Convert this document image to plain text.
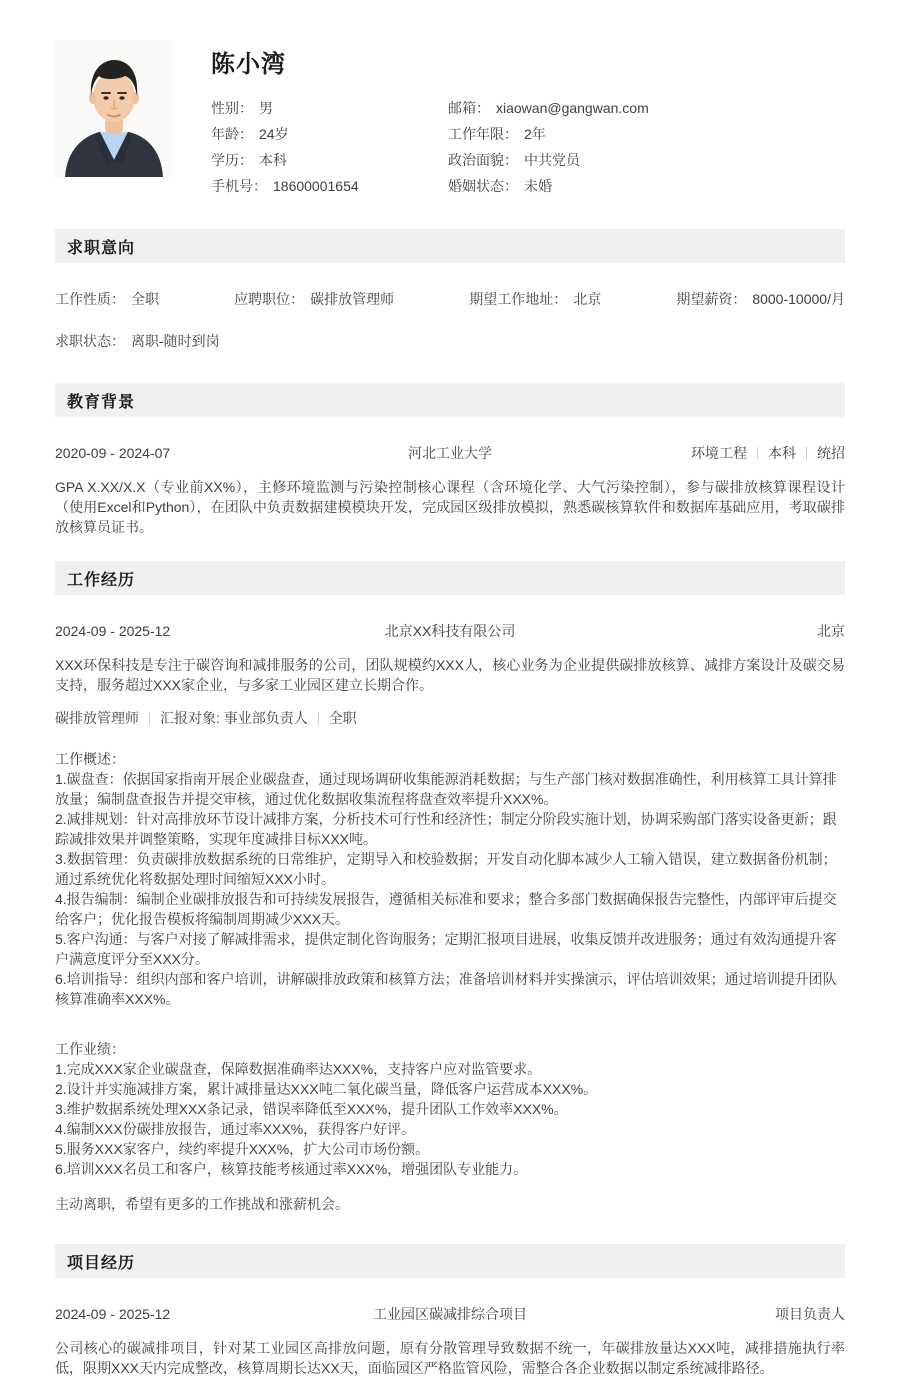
陈小湾
性别： 男
年龄： 24岁
学历： 本科
手机号： 18600001654
邮箱： xiaowan@gangwan.com
工作年限： 2年
政治面貌： 中共党员
婚姻状态： 未婚
求职意向
工作性质： 全职	应聘职位： 碳排放管理师	期望工作地址： 北京	期望薪资： 8000-10000/月
求职状态： 离职-随时到岗
教育背景
2020-09 - 2024-07	河北工业大学	环境工程 本科 统招
GPA X.XX/X.X（专业前XX%），主修环境监测与污染控制核心课程（含环境化学、大气污染控制），参与碳排放核算课程设计（使用Excel和Python），在团队中负责数据建模模块开发，完成园区级排放模拟，熟悉碳核算软件和数据库基础应用，考取碳排放核算员证书。
工作经历
2024-09 - 2025-12	北京XX科技有限公司	北京
XXX环保科技是专注于碳咨询和减排服务的公司，团队规模约XXX人，核心业务为企业提供碳排放核算、减排方案设计及碳交易支持，服务超过XXX家企业，与多家工业园区建立长期合作。
碳排放管理师 汇报对象: 事业部负责人 全职
工作概述：
1.碳盘查：依据国家指南开展企业碳盘查，通过现场调研收集能源消耗数据；与生产部门核对数据准确性，利用核算工具计算排放量；编制盘查报告并提交审核，通过优化数据收集流程将盘查效率提升XXX%。
2.减排规划：针对高排放环节设计减排方案，分析技术可行性和经济性；制定分阶段实施计划，协调采购部门落实设备更新；跟踪减排效果并调整策略，实现年度减排目标XXX吨。
3.数据管理：负责碳排放数据系统的日常维护，定期导入和校验数据；开发自动化脚本减少人工输入错误，建立数据备份机制；通过系统优化将数据处理时间缩短XXX小时。
4.报告编制：编制企业碳排放报告和可持续发展报告，遵循相关标准和要求；整合多部门数据确保报告完整性，内部评审后提交给客户；优化报告模板将编制周期减少XXX天。
5.客户沟通：与客户对接了解减排需求，提供定制化咨询服务；定期汇报项目进展，收集反馈并改进服务；通过有效沟通提升客户满意度评分至XXX分。
6.培训指导：组织内部和客户培训，讲解碳排放政策和核算方法；准备培训材料并实操演示，评估培训效果；通过培训提升团队核算准确率XXX%。
工作业绩：
1.完成XXX家企业碳盘查，保障数据准确率达XXX%，支持客户应对监管要求。
2.设计并实施减排方案，累计减排量达XXX吨二氧化碳当量，降低客户运营成本XXX%。
3.维护数据系统处理XXX条记录，错误率降低至XXX%，提升团队工作效率XXX%。
4.编制XXX份碳排放报告，通过率XXX%，获得客户好评。
5.服务XXX家客户，续约率提升XXX%，扩大公司市场份额。
6.培训XXX名员工和客户，核算技能考核通过率XXX%，增强团队专业能力。
主动离职，希望有更多的工作挑战和涨薪机会。
项目经历
2024-09 - 2025-12	工业园区碳减排综合项目	项目负责人
公司核心的碳减排项目，针对某工业园区高排放问题，原有分散管理导致数据不统一，年碳排放量达XXX吨，减排措施执行率低，限期XXX天内完成整改，核算周期长达XX天，面临园区严格监管风险，需整合各企业数据以制定系统减排路径。
